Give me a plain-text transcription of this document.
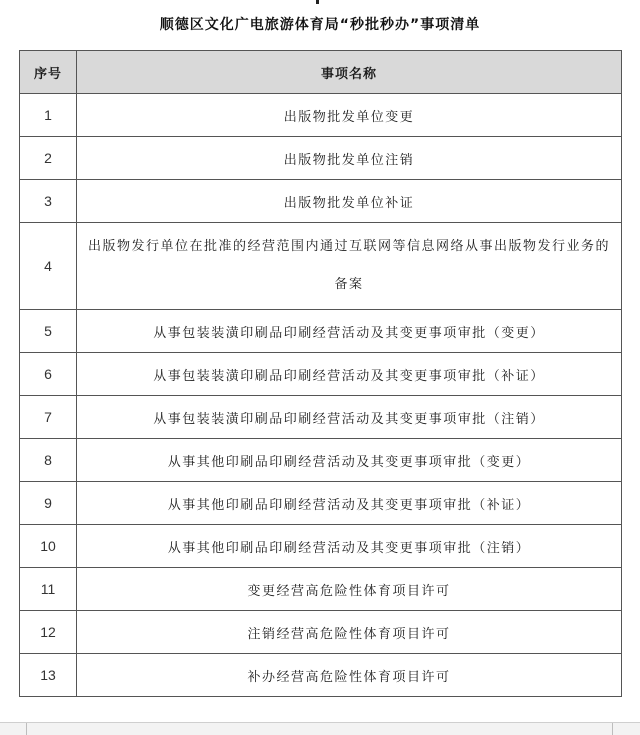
顺德区文化广电旅游体育局“秒批秒办”事项清单
序号	事项名称
1	出版物批发单位变更
2	出版物批发单位注销
3	出版物批发单位补证
4	出版物发行单位在批准的经营范围内通过互联网等信息网络从事出版物发行业务的备案
5	从事包装装潢印刷品印刷经营活动及其变更事项审批（变更）
6	从事包装装潢印刷品印刷经营活动及其变更事项审批（补证）
7	从事包装装潢印刷品印刷经营活动及其变更事项审批（注销）
8	从事其他印刷品印刷经营活动及其变更事项审批（变更）
9	从事其他印刷品印刷经营活动及其变更事项审批（补证）
10	从事其他印刷品印刷经营活动及其变更事项审批（注销）
11	变更经营高危险性体育项目许可
12	注销经营高危险性体育项目许可
13	补办经营高危险性体育项目许可
